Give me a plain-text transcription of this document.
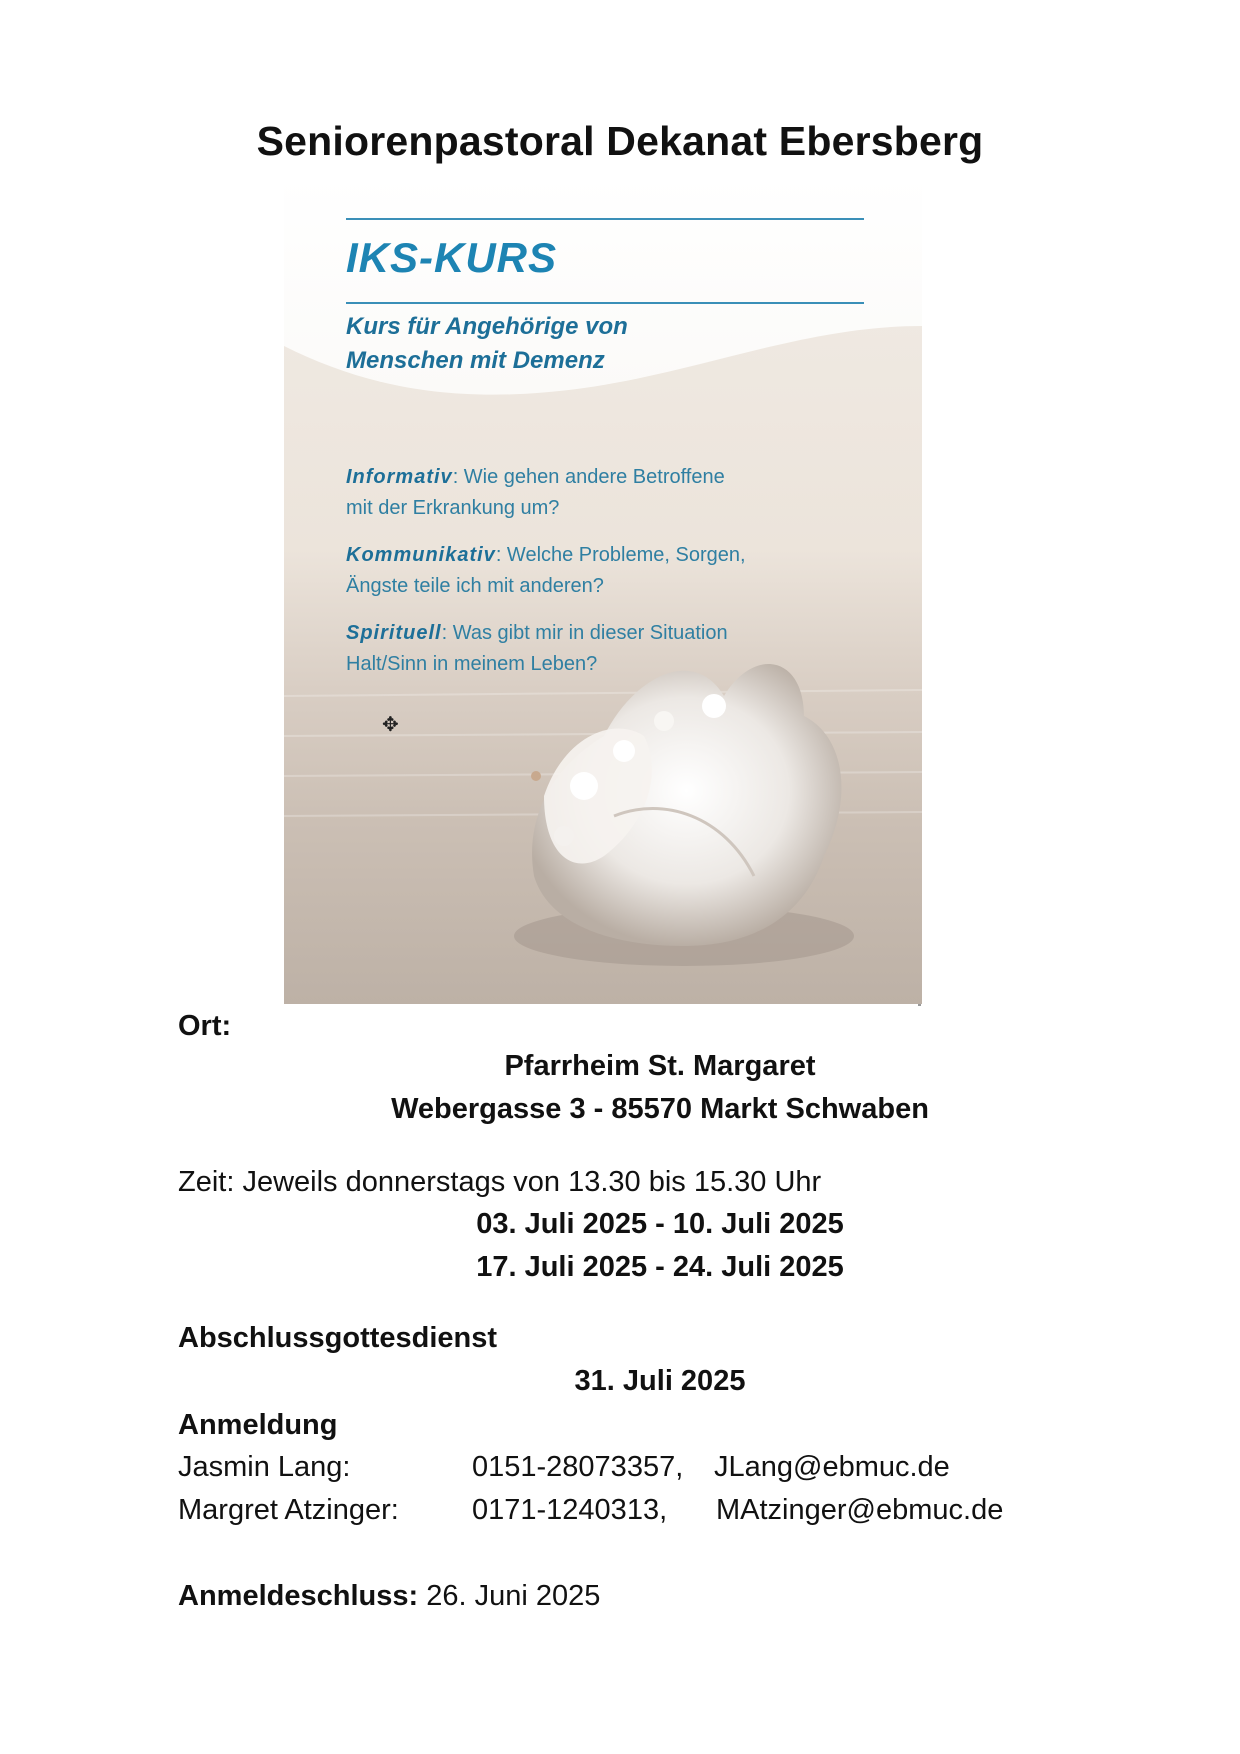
Seniorenpastoral Dekanat Ebersberg
IKS-KURS
Kurs für Angehörige von
Menschen mit Demenz
Informativ: Wie gehen andere Betroffene
mit der Erkrankung um?
Kommunikativ: Welche Probleme, Sorgen,
Ängste teile ich mit anderen?
Spirituell: Was gibt mir in dieser Situation
Halt/Sinn in meinem Leben?
✥
Ort:
Pfarrheim St. Margaret
Webergasse 3 - 85570 Markt Schwaben
Zeit: Jeweils donnerstags von 13.30 bis 15.30 Uhr
03. Juli 2025 - 10. Juli 2025
17. Juli 2025 - 24. Juli 2025
Abschlussgottesdienst
31. Juli 2025
Anmeldung
Jasmin Lang:	0151-28073357, JLang@ebmuc.de
Margret Atzinger:	0171-1240313, MAtzinger@ebmuc.de
Anmeldeschluss: 26. Juni 2025
